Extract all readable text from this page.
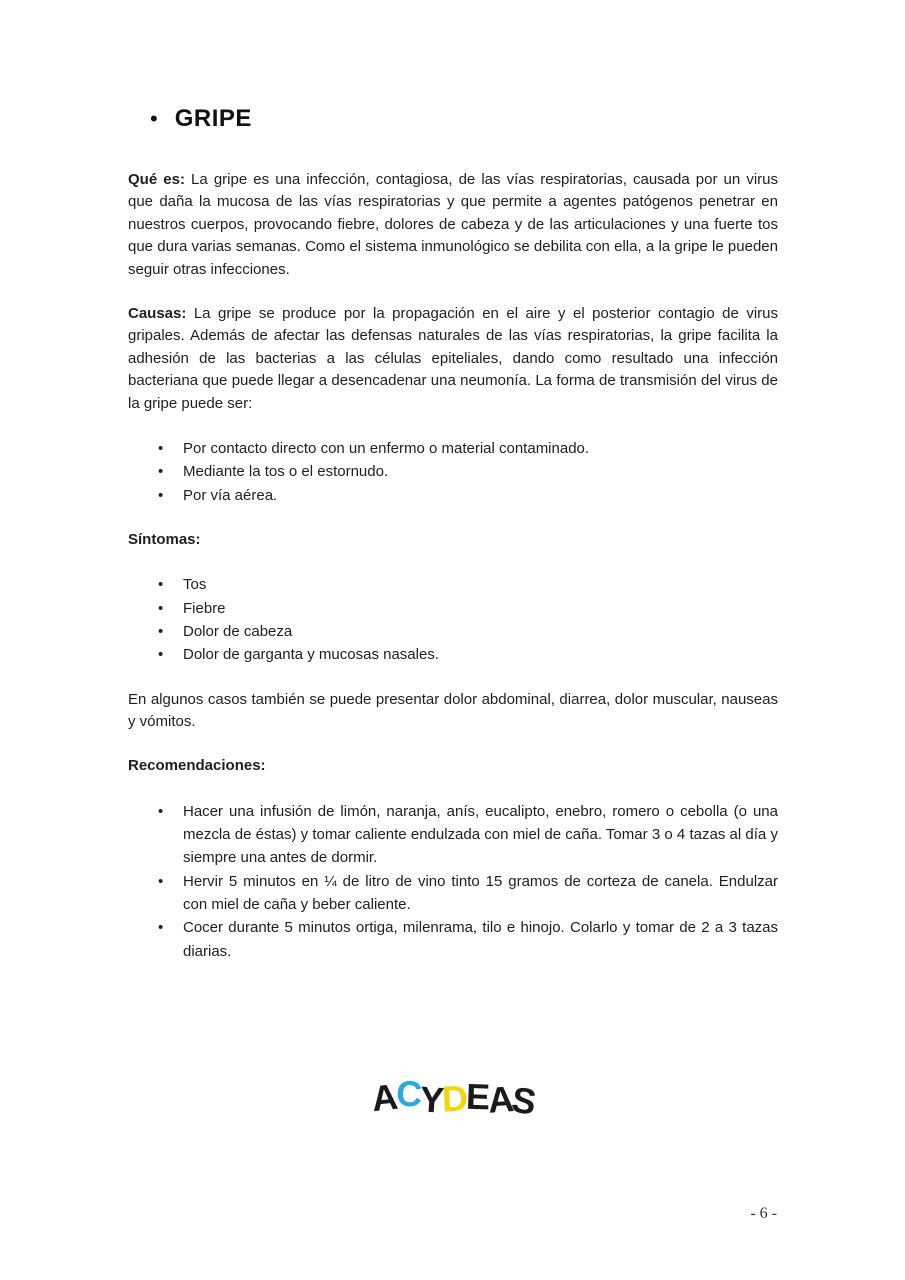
• GRIPE

Qué es: La gripe es una infección, contagiosa, de las vías respiratorias, causada por un virus que daña la mucosa de las vías respiratorias y que permite a agentes patógenos penetrar en nuestros cuerpos, provocando fiebre, dolores de cabeza y de las articulaciones y una fuerte tos que dura varias semanas. Como el sistema inmunológico se debilita con ella, a la gripe le pueden seguir otras infecciones.

Causas: La gripe se produce por la propagación en el aire y el posterior contagio de virus gripales. Además de afectar las defensas naturales de las vías respiratorias, la gripe facilita la adhesión de las bacterias a las células epiteliales, dando como resultado una infección bacteriana que puede llegar a desencadenar una neumonía. La forma de transmisión del virus de la gripe puede ser:

• Por contacto directo con un enfermo o material contaminado.
• Mediante la tos o el estornudo.
• Por vía aérea.
Síntomas:
• Tos
• Fiebre
• Dolor de cabeza
• Dolor de garganta y mucosas nasales.

En algunos casos también se puede presentar dolor abdominal, diarrea, dolor muscular, nauseas y vómitos.

Recomendaciones:
• Hacer una infusión de limón, naranja, anís, eucalipto, enebro, romero o cebolla (o una mezcla de éstas) y tomar caliente endulzada con miel de caña. Tomar 3 o 4 tazas al día y siempre una antes de dormir.
• Hervir 5 minutos en ¼ de litro de vino tinto 15 gramos de corteza de canela. Endulzar con miel de caña y beber caliente.
• Cocer durante 5 minutos ortiga, milenrama, tilo e hinojo. Colarlo y tomar de 2 a 3 tazas diarias.
A
C
Y
D
E
A
S
- 6 -
